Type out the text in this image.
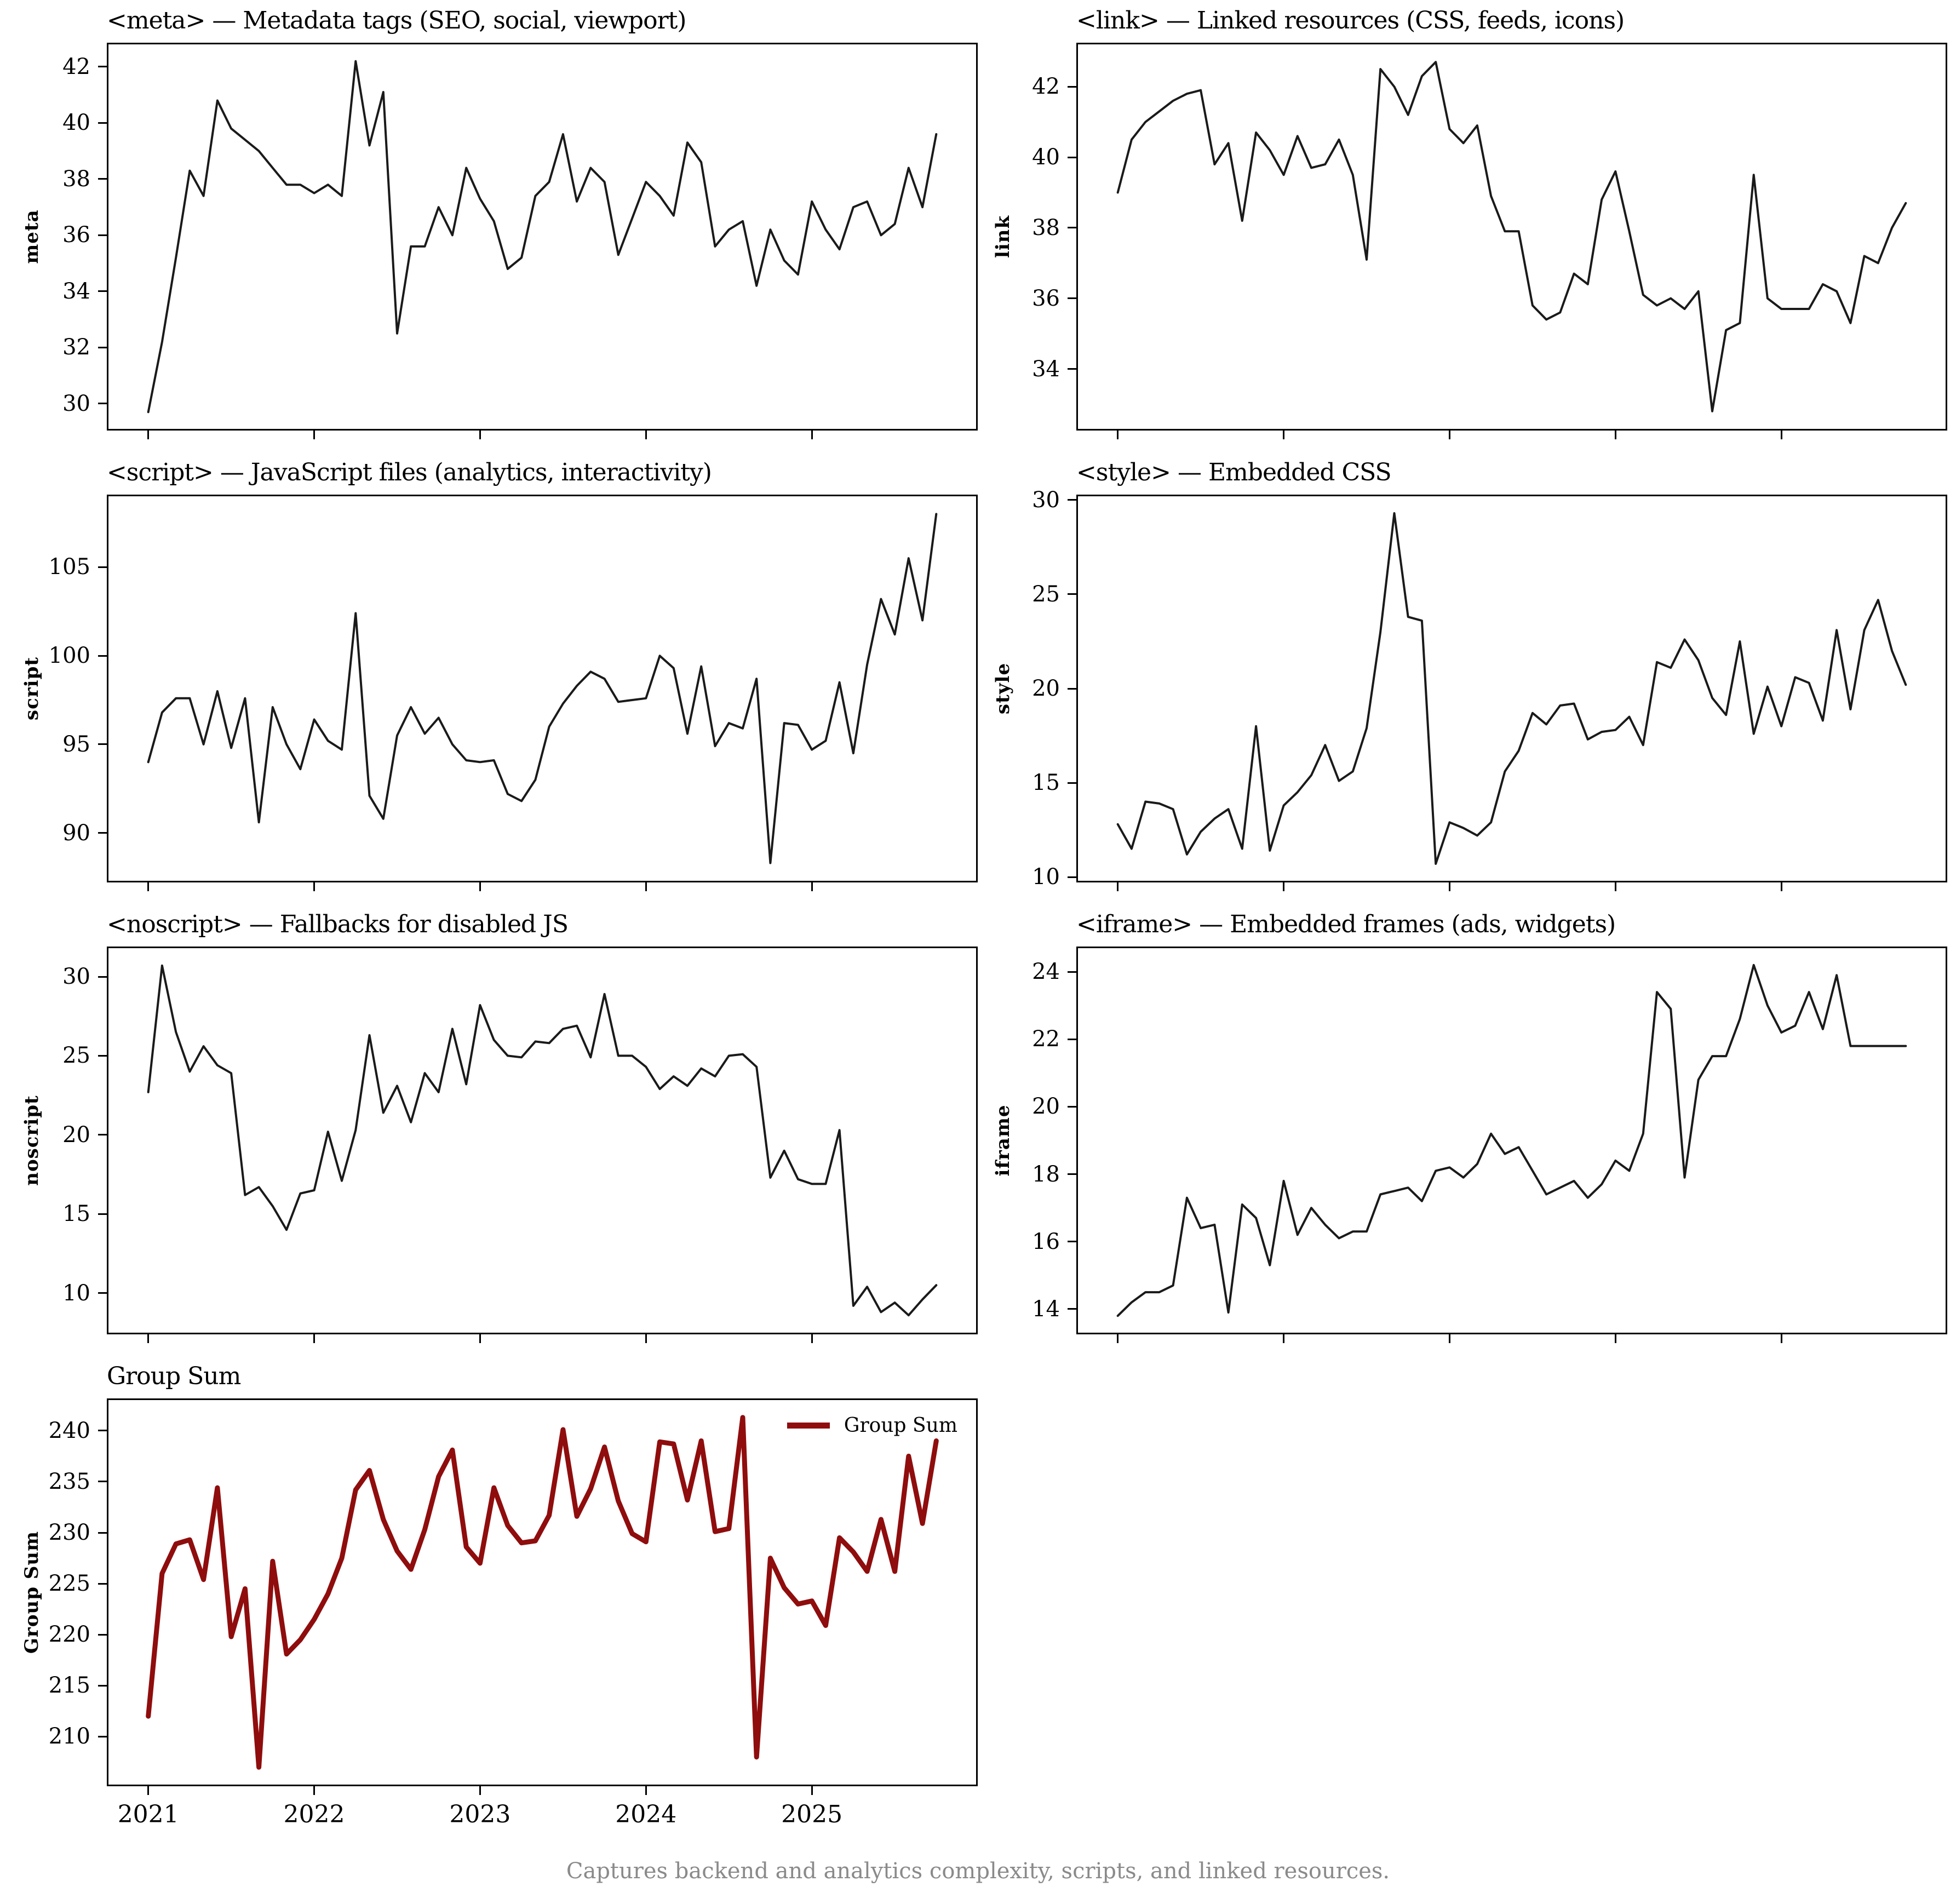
<meta> — Metadata tags (SEO, social, viewport)
meta
30
32
34
36
38
40
42
<link> — Linked resources (CSS, feeds, icons)
link
34
36
38
40
42
<script> — JavaScript files (analytics, interactivity)
script
90
95
100
105
<style> — Embedded CSS
style
10
15
20
25
30
<noscript> — Fallbacks for disabled JS
noscript
10
15
20
25
30
<iframe> — Embedded frames (ads, widgets)
iframe
14
16
18
20
22
24
Group Sum
Group Sum
Group Sum
210
215
220
225
230
235
240
2021	2022	2023	2024	2025
Captures backend and analytics complexity, scripts, and linked resources.
